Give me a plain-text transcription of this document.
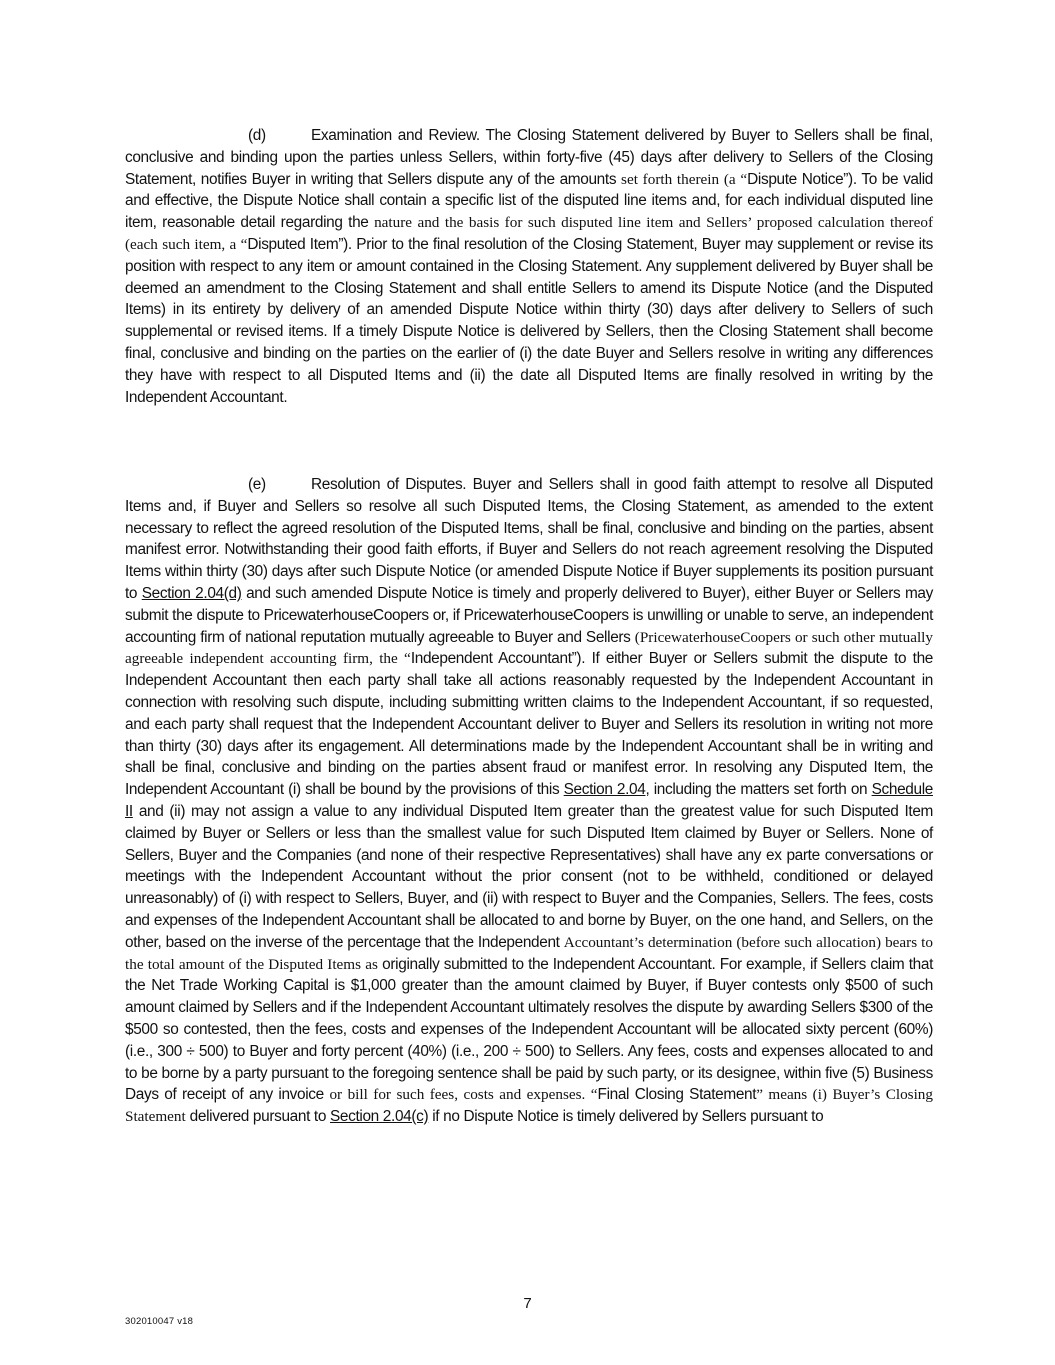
(d)	Examination and Review. The Closing Statement delivered by Buyer to Sellers shall be final, conclusive and binding upon the parties unless Sellers, within forty-five (45) days after delivery to Sellers of the Closing Statement, notifies Buyer in writing that Sellers dispute any of the amounts set forth therein (a “Dispute Notice”). To be valid and effective, the Dispute Notice shall contain a specific list of the disputed line items and, for each individual disputed line item, reasonable detail regarding the nature and the basis for such disputed line item and Sellers’ proposed calculation thereof (each such item, a “Disputed Item”). Prior to the final resolution of the Closing Statement, Buyer may supplement or revise its position with respect to any item or amount contained in the Closing Statement. Any supplement delivered by Buyer shall be deemed an amendment to the Closing Statement and shall entitle Sellers to amend its Dispute Notice (and the Disputed Items) in its entirety by delivery of an amended Dispute Notice within thirty (30) days after delivery to Sellers of such supplemental or revised items. If a timely Dispute Notice is delivered by Sellers, then the Closing Statement shall become final, conclusive and binding on the parties on the earlier of (i) the date Buyer and Sellers resolve in writing any differences they have with respect to all Disputed Items and (ii) the date all Disputed Items are finally resolved in writing by the Independent Accountant.

(e)	Resolution of Disputes. Buyer and Sellers shall in good faith attempt to resolve all Disputed Items and, if Buyer and Sellers so resolve all such Disputed Items, the Closing Statement, as amended to the extent necessary to reflect the agreed resolution of the Disputed Items, shall be final, conclusive and binding on the parties, absent manifest error. Notwithstanding their good faith efforts, if Buyer and Sellers do not reach agreement resolving the Disputed Items within thirty (30) days after such Dispute Notice (or amended Dispute Notice if Buyer supplements its position pursuant to Section 2.04(d) and such amended Dispute Notice is timely and properly delivered to Buyer), either Buyer or Sellers may submit the dispute to PricewaterhouseCoopers or, if PricewaterhouseCoopers is unwilling or unable to serve, an independent accounting firm of national reputation mutually agreeable to Buyer and Sellers (PricewaterhouseCoopers or such other mutually agreeable independent accounting firm, the “Independent Accountant”). If either Buyer or Sellers submit the dispute to the Independent Accountant then each party shall take all actions reasonably requested by the Independent Accountant in connection with resolving such dispute, including submitting written claims to the Independent Accountant, if so requested, and each party shall request that the Independent Accountant deliver to Buyer and Sellers its resolution in writing not more than thirty (30) days after its engagement. All determinations made by the Independent Accountant shall be in writing and shall be final, conclusive and binding on the parties absent fraud or manifest error. In resolving any Disputed Item, the Independent Accountant (i) shall be bound by the provisions of this Section 2.04, including the matters set forth on Schedule II and (ii) may not assign a value to any individual Disputed Item greater than the greatest value for such Disputed Item claimed by Buyer or Sellers or less than the smallest value for such Disputed Item claimed by Buyer or Sellers. None of Sellers, Buyer and the Companies (and none of their respective Representatives) shall have any ex parte conversations or meetings with the Independent Accountant without the prior consent (not to be withheld, conditioned or delayed unreasonably) of (i) with respect to Sellers, Buyer, and (ii) with respect to Buyer and the Companies, Sellers. The fees, costs and expenses of the Independent Accountant shall be allocated to and borne by Buyer, on the one hand, and Sellers, on the other, based on the inverse of the percentage that the Independent Accountant’s determination (before such allocation) bears to the total amount of the Disputed Items as originally submitted to the Independent Accountant. For example, if Sellers claim that the Net Trade Working Capital is $1,000 greater than the amount claimed by Buyer, if Buyer contests only $500 of such amount claimed by Sellers and if the Independent Accountant ultimately resolves the dispute by awarding Sellers $300 of the $500 so contested, then the fees, costs and expenses of the Independent Accountant will be allocated sixty percent (60%) (i.e., 300 ÷ 500) to Buyer and forty percent (40%) (i.e., 200 ÷ 500) to Sellers. Any fees, costs and expenses allocated to and to be borne by a party pursuant to the foregoing sentence shall be paid by such party, or its designee, within five (5) Business Days of receipt of any invoice or bill for such fees, costs and expenses. “Final Closing Statement” means (i) Buyer’s Closing Statement delivered pursuant to Section 2.04(c) if no Dispute Notice is timely delivered by Sellers pursuant to

7
302010047 v18
